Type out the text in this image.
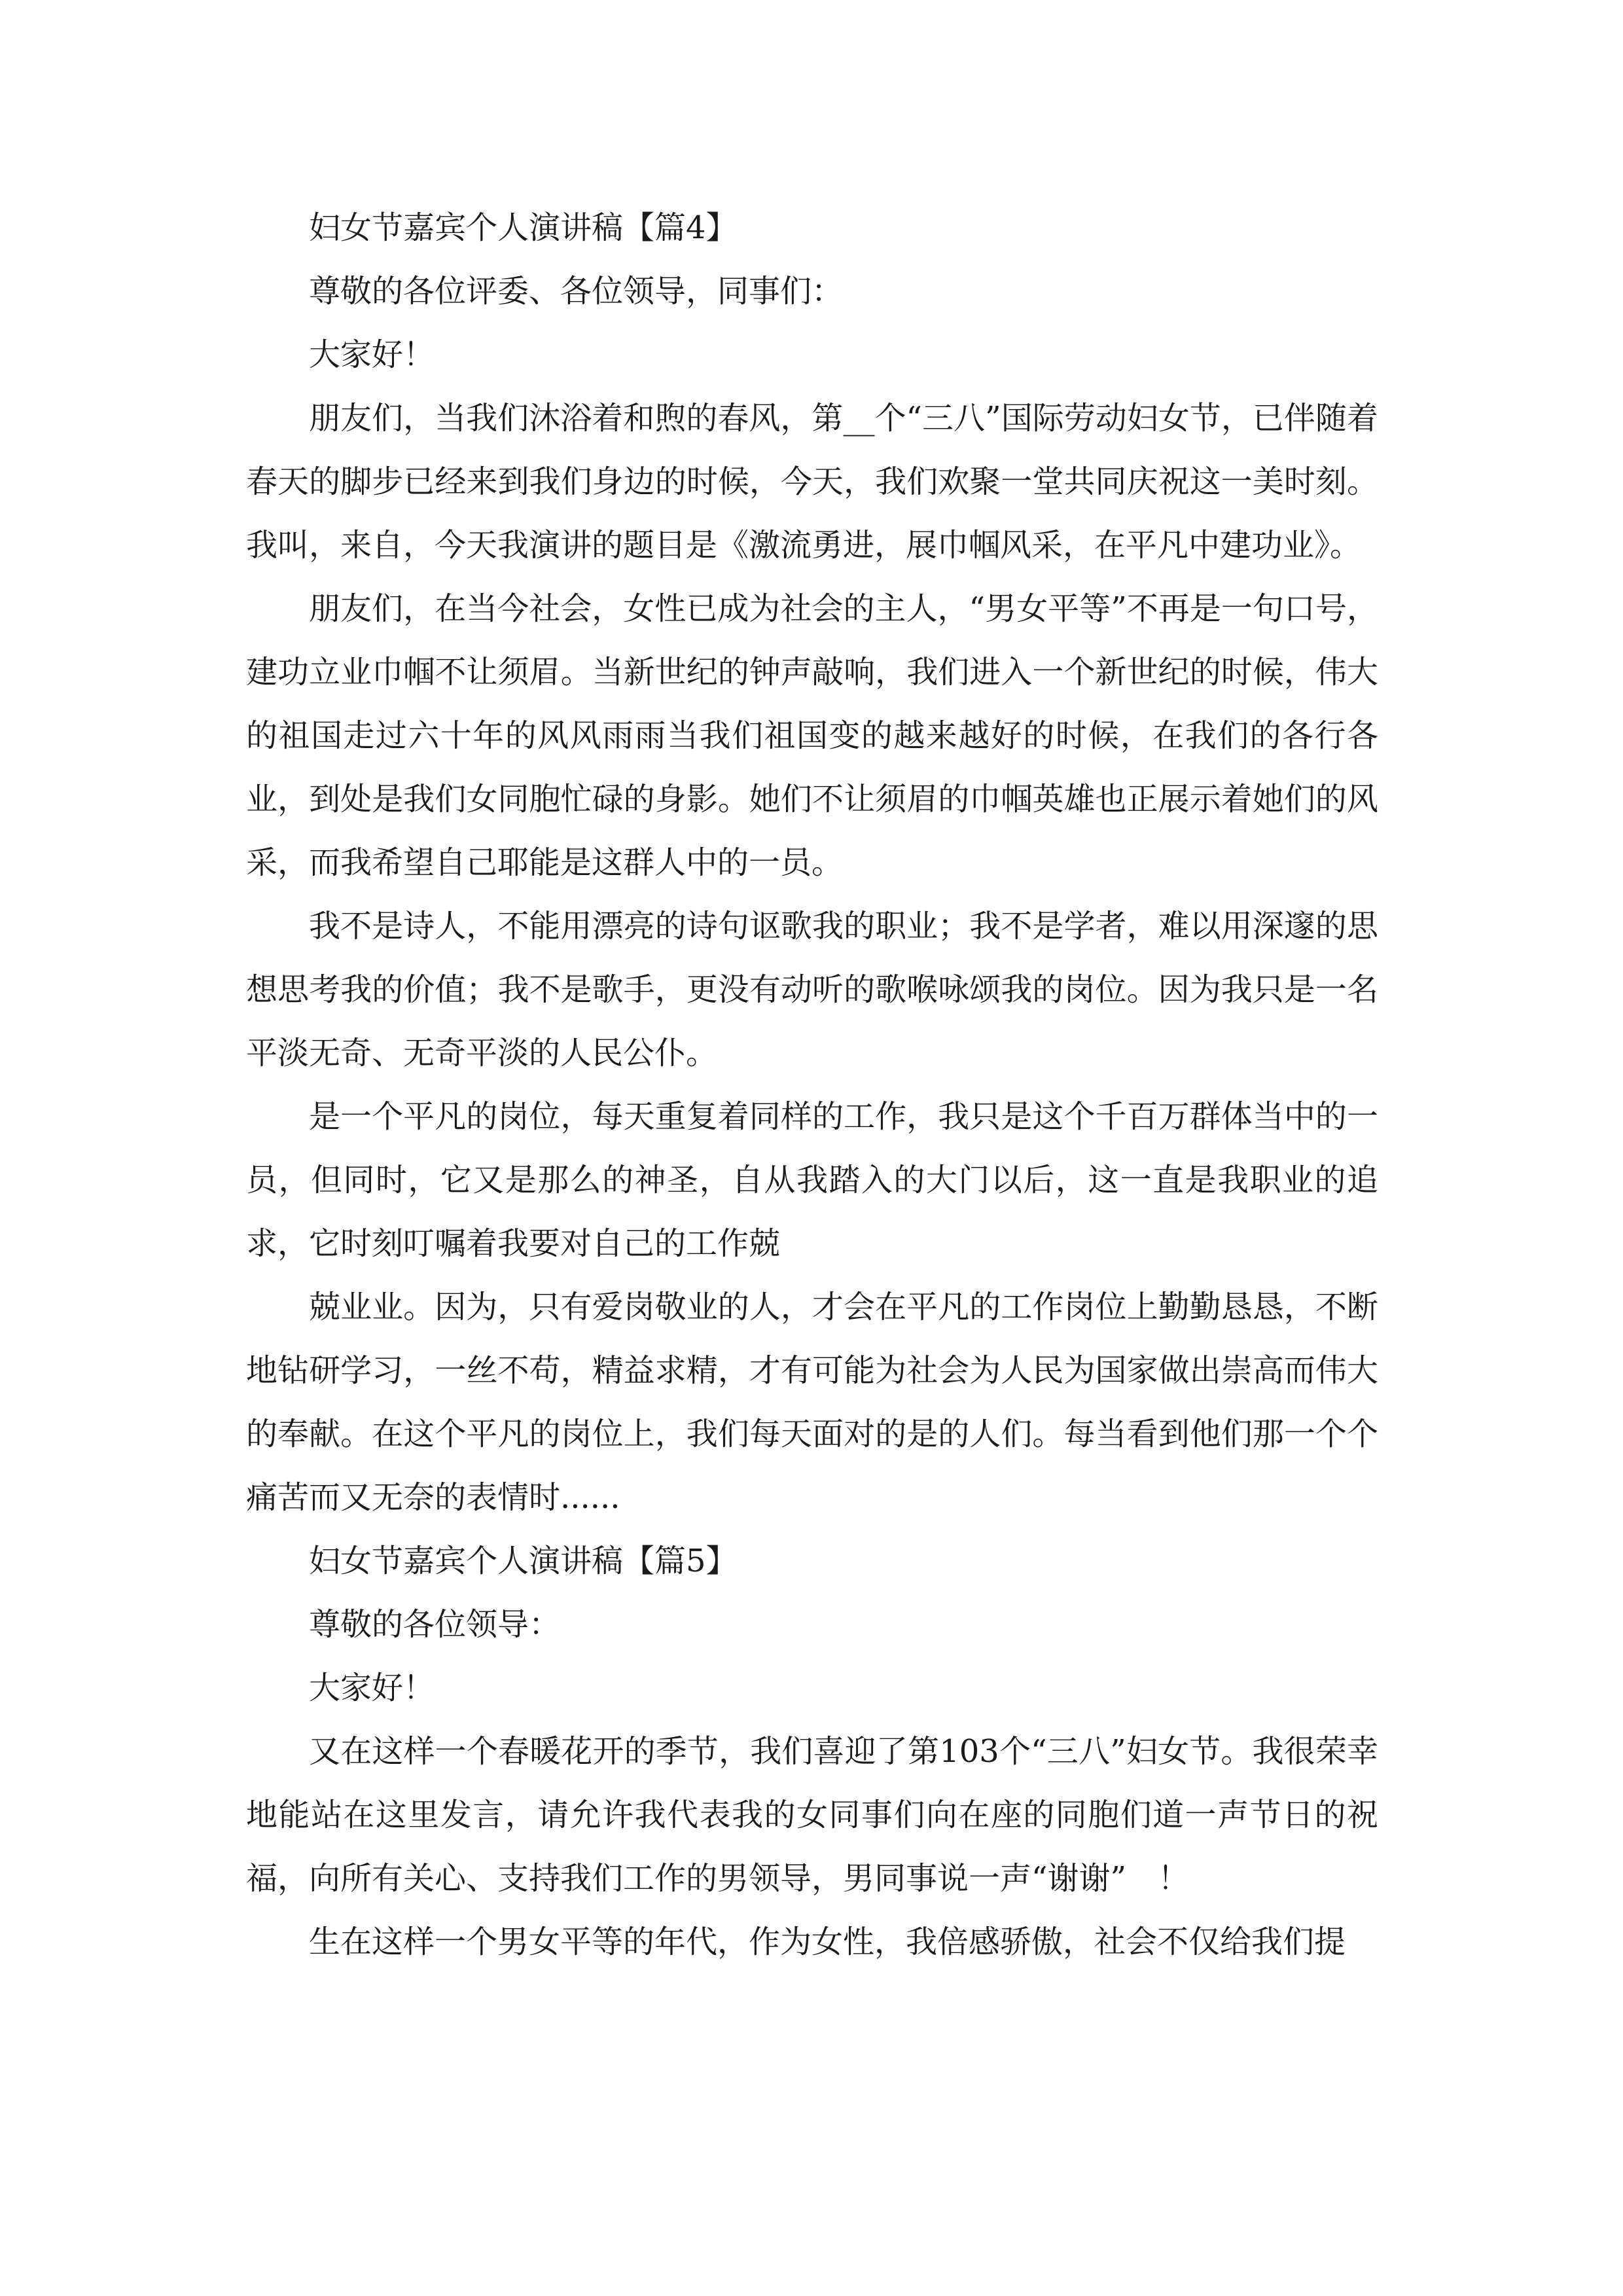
妇女节嘉宾个人演讲稿【篇4】

尊敬的各位评委、各位领导，同事们：

大家好！

朋友们，当我们沐浴着和煦的春风，第__个“三八”国际劳动妇女节，已伴随着春天的脚步已经来到我们身边的时候，今天，我们欢聚一堂共同庆祝这一美时刻。我叫，来自，今天我演讲的题目是《激流勇进，展巾帼风采，在平凡中建功业》。

朋友们，在当今社会，女性已成为社会的主人，“男女平等”不再是一句口号，建功立业巾帼不让须眉。当新世纪的钟声敲响，我们进入一个新世纪的时候，伟大的祖国走过六十年的风风雨雨当我们祖国变的越来越好的时候，在我们的各行各业，到处是我们女同胞忙碌的身影。她们不让须眉的巾帼英雄也正展示着她们的风采，而我希望自己耶能是这群人中的一员。

我不是诗人，不能用漂亮的诗句讴歌我的职业；我不是学者，难以用深邃的思想思考我的价值；我不是歌手，更没有动听的歌喉咏颂我的岗位。因为我只是一名平淡无奇、无奇平淡的人民公仆。

是一个平凡的岗位，每天重复着同样的工作，我只是这个千百万群体当中的一员，但同时，它又是那么的神圣，自从我踏入的大门以后，这一直是我职业的追求，它时刻叮嘱着我要对自己的工作兢

兢业业。因为，只有爱岗敬业的人，才会在平凡的工作岗位上勤勤恳恳，不断地钻研学习，一丝不苟，精益求精，才有可能为社会为人民为国家做出崇高而伟大的奉献。在这个平凡的岗位上，我们每天面对的是的人们。每当看到他们那一个个痛苦而又无奈的表情时......

妇女节嘉宾个人演讲稿【篇5】

尊敬的各位领导：

大家好！

又在这样一个春暖花开的季节，我们喜迎了第103个“三八”妇女节。我很荣幸地能站在这里发言，请允许我代表我的女同事们向在座的同胞们道一声节日的祝福，向所有关心、支持我们工作的男领导，男同事说一声“谢谢”　！

生在这样一个男女平等的年代，作为女性，我倍感骄傲，社会不仅给我们提
